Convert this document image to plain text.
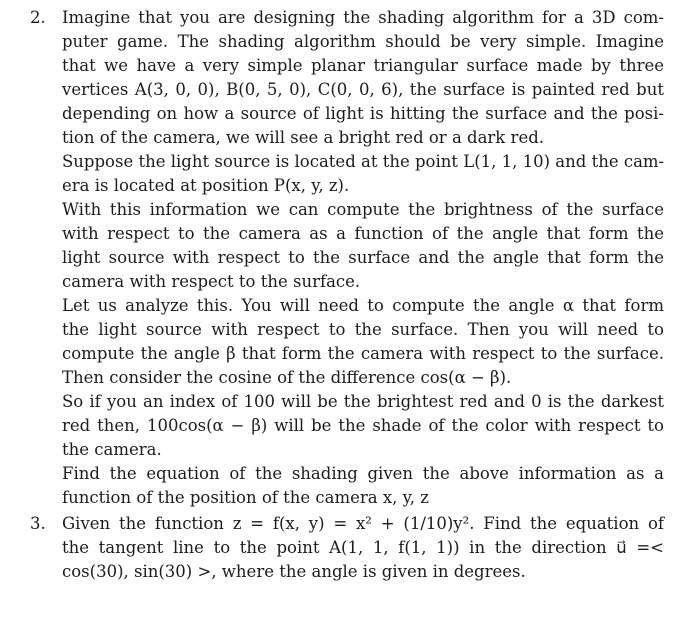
2. Imagine that you are designing the shading algorithm for a 3D com-
puter game. The shading algorithm should be very simple. Imagine
that we have a very simple planar triangular surface made by three
vertices A(3, 0, 0), B(0, 5, 0), C(0, 0, 6), the surface is painted red but
depending on how a source of light is hitting the surface and the posi-
tion of the camera, we will see a bright red or a dark red.
Suppose the light source is located at the point L(1, 1, 10) and the cam-
era is located at position P(x, y, z).
With this information we can compute the brightness of the surface
with respect to the camera as a function of the angle that form the
light source with respect to the surface and the angle that form the
camera with respect to the surface.
Let us analyze this. You will need to compute the angle α that form
the light source with respect to the surface. Then you will need to
compute the angle β that form the camera with respect to the surface.
Then consider the cosine of the difference cos(α − β).
So if you an index of 100 will be the brightest red and 0 is the darkest
red then, 100cos(α − β) will be the shade of the color with respect to
the camera.
Find the equation of the shading given the above information as a
function of the position of the camera x, y, z
3. Given the function z = f(x, y) = x² + (1/10)y². Find the equation of
the tangent line to the point A(1, 1, f(1, 1)) in the direction u⃗ =<
cos(30), sin(30) >, where the angle is given in degrees.
